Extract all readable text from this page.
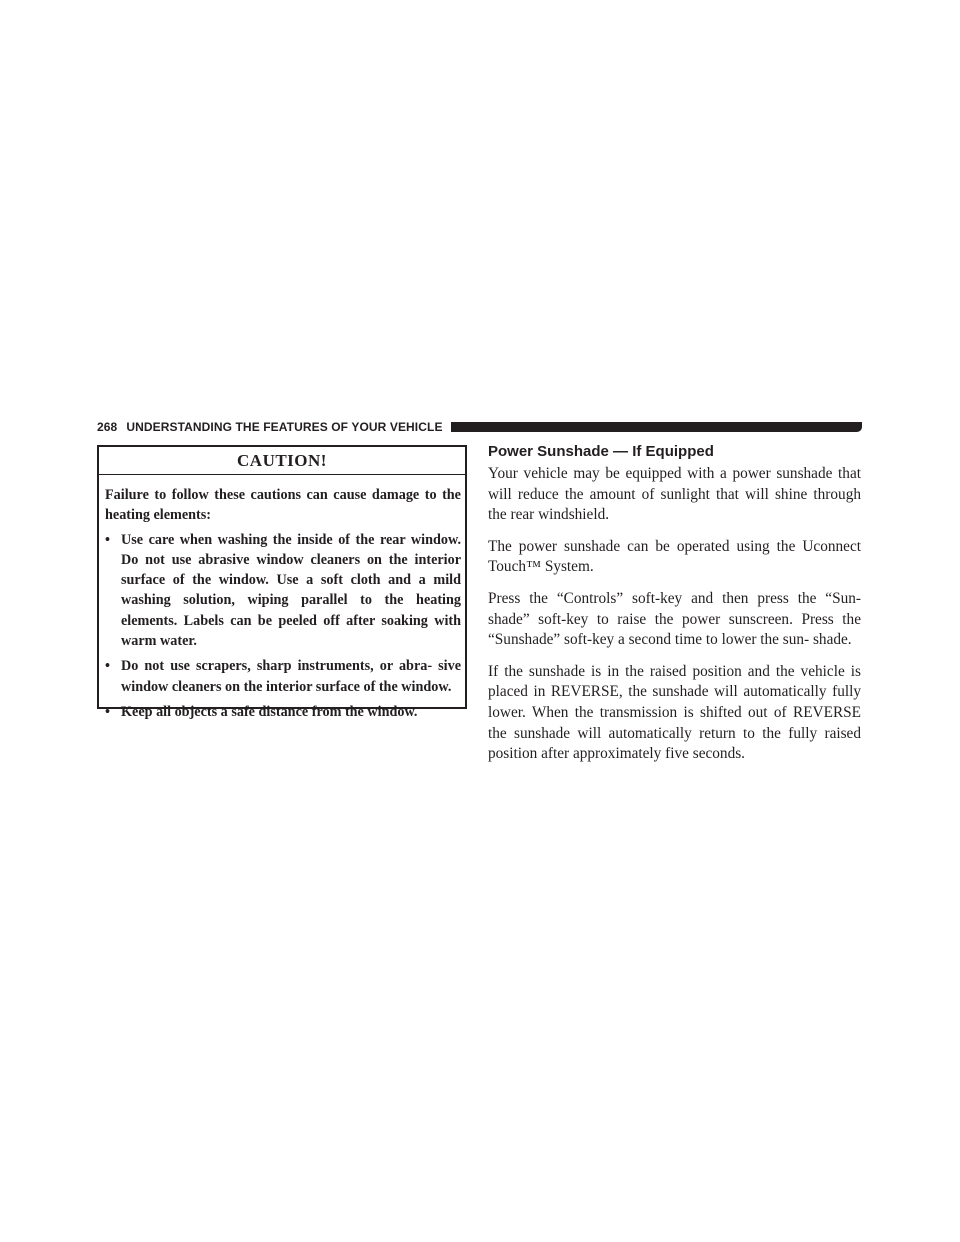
268 UNDERSTANDING THE FEATURES OF YOUR VEHICLE
CAUTION!

Failure to follow these cautions can cause damage to the heating elements:

• Use care when washing the inside of the rear window. Do not use abrasive window cleaners on the interior surface of the window. Use a soft cloth and a mild washing solution, wiping parallel to the heating elements. Labels can be peeled off after soaking with warm water.
• Do not use scrapers, sharp instruments, or abra- sive window cleaners on the interior surface of the window.
• Keep all objects a safe distance from the window.
Power Sunshade — If Equipped

Your vehicle may be equipped with a power sunshade that will reduce the amount of sunlight that will shine through the rear windshield.

The power sunshade can be operated using the Uconnect Touch™ System.

Press the “Controls” soft-key and then press the “Sun- shade” soft-key to raise the power sunscreen. Press the “Sunshade” soft-key a second time to lower the sun- shade.

If the sunshade is in the raised position and the vehicle is placed in REVERSE, the sunshade will automatically fully lower. When the transmission is shifted out of REVERSE the sunshade will automatically return to the fully raised position after approximately five seconds.
